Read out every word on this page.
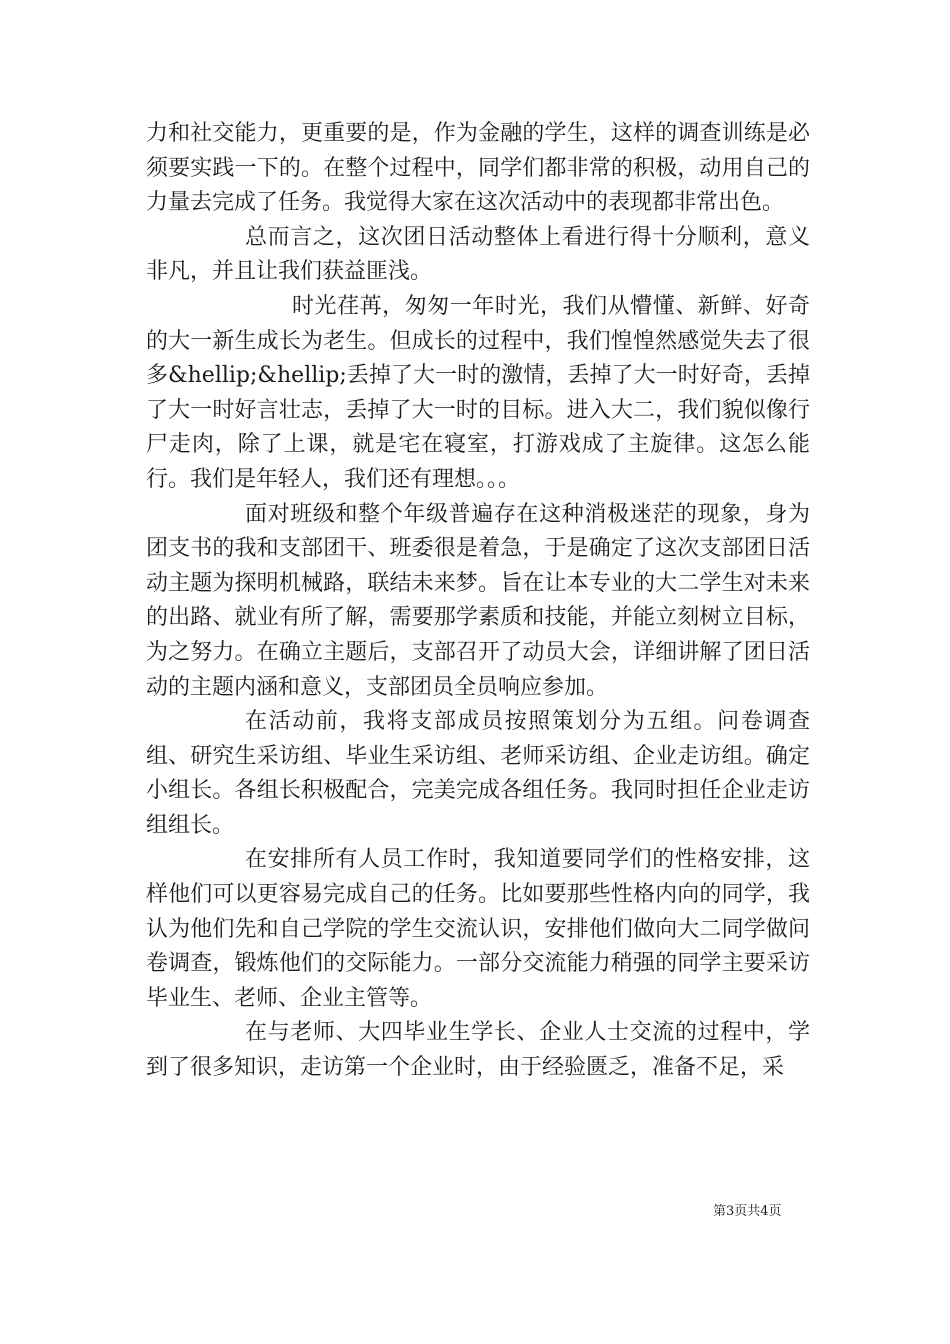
力和社交能力，更重要的是，作为金融的学生，这样的调查训练是必须要实践一下的。在整个过程中，同学们都非常的积极，动用自己的力量去完成了任务。我觉得大家在这次活动中的表现都非常出色。

总而言之，这次团日活动整体上看进行得十分顺利，意义非凡，并且让我们获益匪浅。

时光荏苒，匆匆一年时光，我们从懵懂、新鲜、好奇的大一新生成长为老生。但成长的过程中，我们惶惶然感觉失去了很多&hellip;&hellip;丢掉了大一时的激情，丢掉了大一时好奇，丢掉了大一时好言壮志，丢掉了大一时的目标。进入大二，我们貌似像行尸走肉，除了上课，就是宅在寝室，打游戏成了主旋律。这怎么能行。我们是年轻人，我们还有理想。。。

面对班级和整个年级普遍存在这种消极迷茫的现象，身为团支书的我和支部团干、班委很是着急，于是确定了这次支部团日活动主题为探明机械路，联结未来梦。旨在让本专业的大二学生对未来的出路、就业有所了解，需要那学素质和技能，并能立刻树立目标，为之努力。在确立主题后，支部召开了动员大会，详细讲解了团日活动的主题内涵和意义，支部团员全员响应参加。

在活动前，我将支部成员按照策划分为五组。问卷调查组、研究生采访组、毕业生采访组、老师采访组、企业走访组。确定小组长。各组长积极配合，完美完成各组任务。我同时担任企业走访组组长。

在安排所有人员工作时，我知道要同学们的性格安排，这样他们可以更容易完成自己的任务。比如要那些性格内向的同学，我认为他们先和自己学院的学生交流认识，安排他们做向大二同学做问卷调查，锻炼他们的交际能力。一部分交流能力稍强的同学主要采访毕业生、老师、企业主管等。

在与老师、大四毕业生学长、企业人士交流的过程中，学到了很多知识，走访第一个企业时，由于经验匮乏，准备不足，采

第3页共4页
